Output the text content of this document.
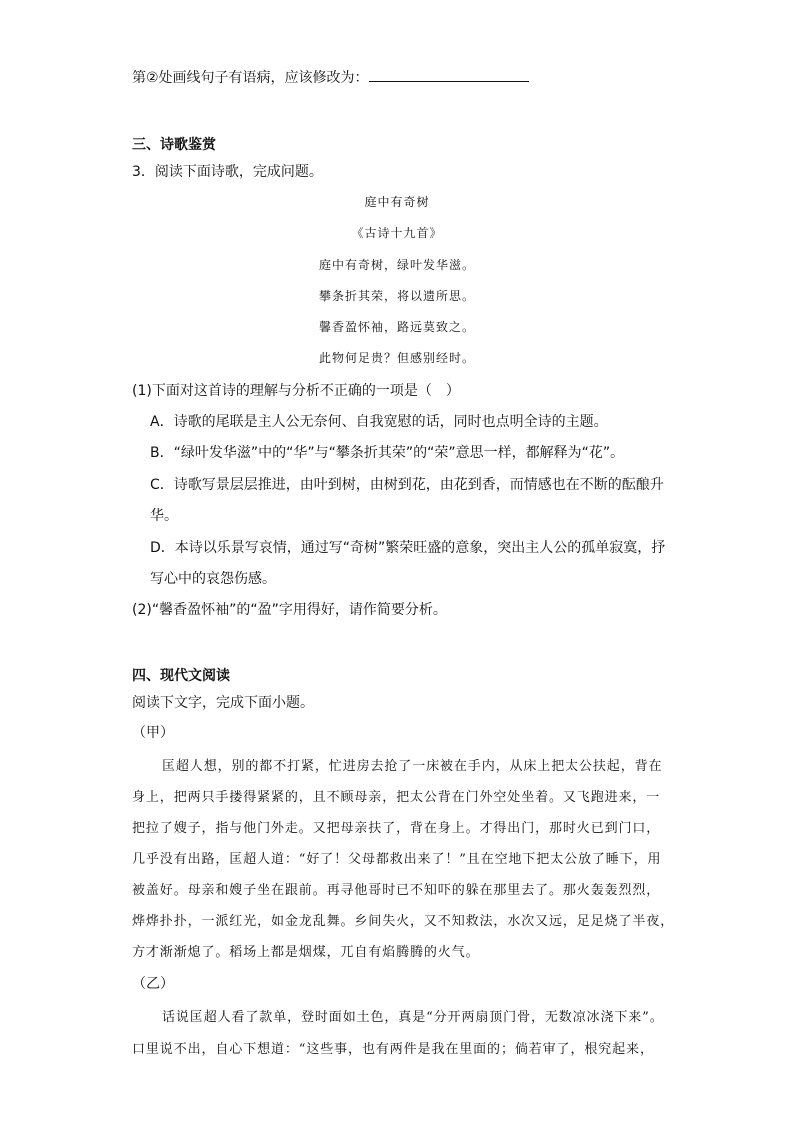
第②处画线句子有语病，应该修改为：
三、诗歌鉴赏
3．阅读下面诗歌，完成问题。
庭中有奇树
《古诗十九首》
庭中有奇树，绿叶发华滋。
攀条折其荣，将以遗所思。
馨香盈怀袖，路远莫致之。
此物何足贵？但感别经时。
(1)下面对这首诗的理解与分析不正确的一项是（　）
A．诗歌的尾联是主人公无奈何、自我宽慰的话，同时也点明全诗的主题。
B．“绿叶发华滋”中的“华”与“攀条折其荣”的“荣”意思一样，都解释为“花”。
C．诗歌写景层层推进，由叶到树，由树到花，由花到香，而情感也在不断的酝酿升
华。
D．本诗以乐景写哀情，通过写“奇树”繁荣旺盛的意象，突出主人公的孤单寂寞，抒
写心中的哀怨伤感。
(2)“馨香盈怀袖”的“盈”字用得好，请作简要分析。
四、现代文阅读
阅读下文字，完成下面小题。
（甲）
匡超人想，别的都不打紧，忙进房去抢了一床被在手内，从床上把太公扶起，背在
身上，把两只手搂得紧紧的，且不顾母亲，把太公背在门外空处坐着。又飞跑进来，一
把拉了嫂子，指与他门外走。又把母亲扶了，背在身上。才得出门，那时火已到门口，
几乎没有出路，匡超人道：“好了！父母都救出来了！”且在空地下把太公放了睡下，用
被盖好。母亲和嫂子坐在跟前。再寻他哥时已不知吓的躲在那里去了。那火轰轰烈烈，
烨烨扑扑，一派红光，如金龙乱舞。乡间失火，又不知救法，水次又远，足足烧了半夜，
方才渐渐熄了。稻场上都是烟煤，兀自有焰腾腾的火气。
（乙）
话说匡超人看了款单，登时面如土色，真是“分开两扇顶门骨，无数凉冰浇下来”。
口里说不出，自心下想道：“这些事，也有两件是我在里面的；倘若审了，根究起来，
